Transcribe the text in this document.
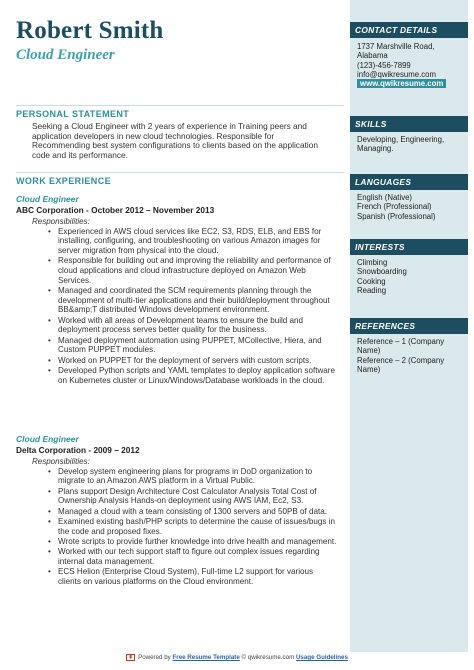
Robert Smith
Cloud Engineer
PERSONAL STATEMENT
Seeking a Cloud Engineer with 2 years of experience in Training peers and application developers in new cloud technologies. Responsible for Recommending best system configurations to clients based on the application code and its performance.
WORK EXPERIENCE
Cloud Engineer
ABC Corporation - October 2012 – November 2013
Responsibilities:
• Experienced in AWS cloud services like EC2, S3, RDS, ELB, and EBS for installing, configuring, and troubleshooting on various Amazon images for server migration from physical into the cloud.
• Responsible for building out and improving the reliability and performance of cloud applications and cloud infrastructure deployed on Amazon Web Services.
• Managed and coordinated the SCM requirements planning through the development of multi-tier applications and their build/deployment throughout BB&amp;T distributed Windows development environment.
• Worked with all areas of Development teams to ensure the build and deployment process serves better quality for the business.
• Managed deployment automation using PUPPET, MCollective, Hiera, and Custom PUPPET modules.
• Worked on PUPPET for the deployment of servers with custom scripts.
• Developed Python scripts and YAML templates to deploy application software on Kubernetes cluster or Linux/Windows/Database workloads in the cloud.
Cloud Engineer
Delta Corporation - 2009 – 2012
Responsibilities:
• Develop system engineering plans for programs in DoD organization to migrate to an Amazon AWS platform in a Virtual Public.
• Plans support Design Architecture Cost Calculator Analysis Total Cost of Ownership Analysis Hands-on deployment using AWS IAM, Ec2, S3.
• Managed a cloud with a team consisting of 1300 servers and 50PB of data.
• Examined existing bash/PHP scripts to determine the cause of issues/bugs in the code and proposed fixes.
• Wrote scripts to provide further knowledge into drive health and management.
• Worked with our tech support staff to figure out complex issues regarding internal data management.
• ECS Helion (Enterprise Cloud System), Full-time L2 support for various clients on various platforms on the Cloud environment.
CONTACT DETAILS
1737 Marshville Road,
Alabama
(123)-456-7899
info@qwikresume.com
www.qwikresume.com
SKILLS
Developing, Engineering, Managing.
LANGUAGES
English (Native)
French (Professional)
Spanish (Professional)
INTERESTS
Climbing
Snowboarding
Cooking
Reading
REFERENCES
Reference – 1 (Company Name)
Reference – 2 (Company Name)
▮ Powered by Free Resume Template © qwikresume.com Usage Guidelines
